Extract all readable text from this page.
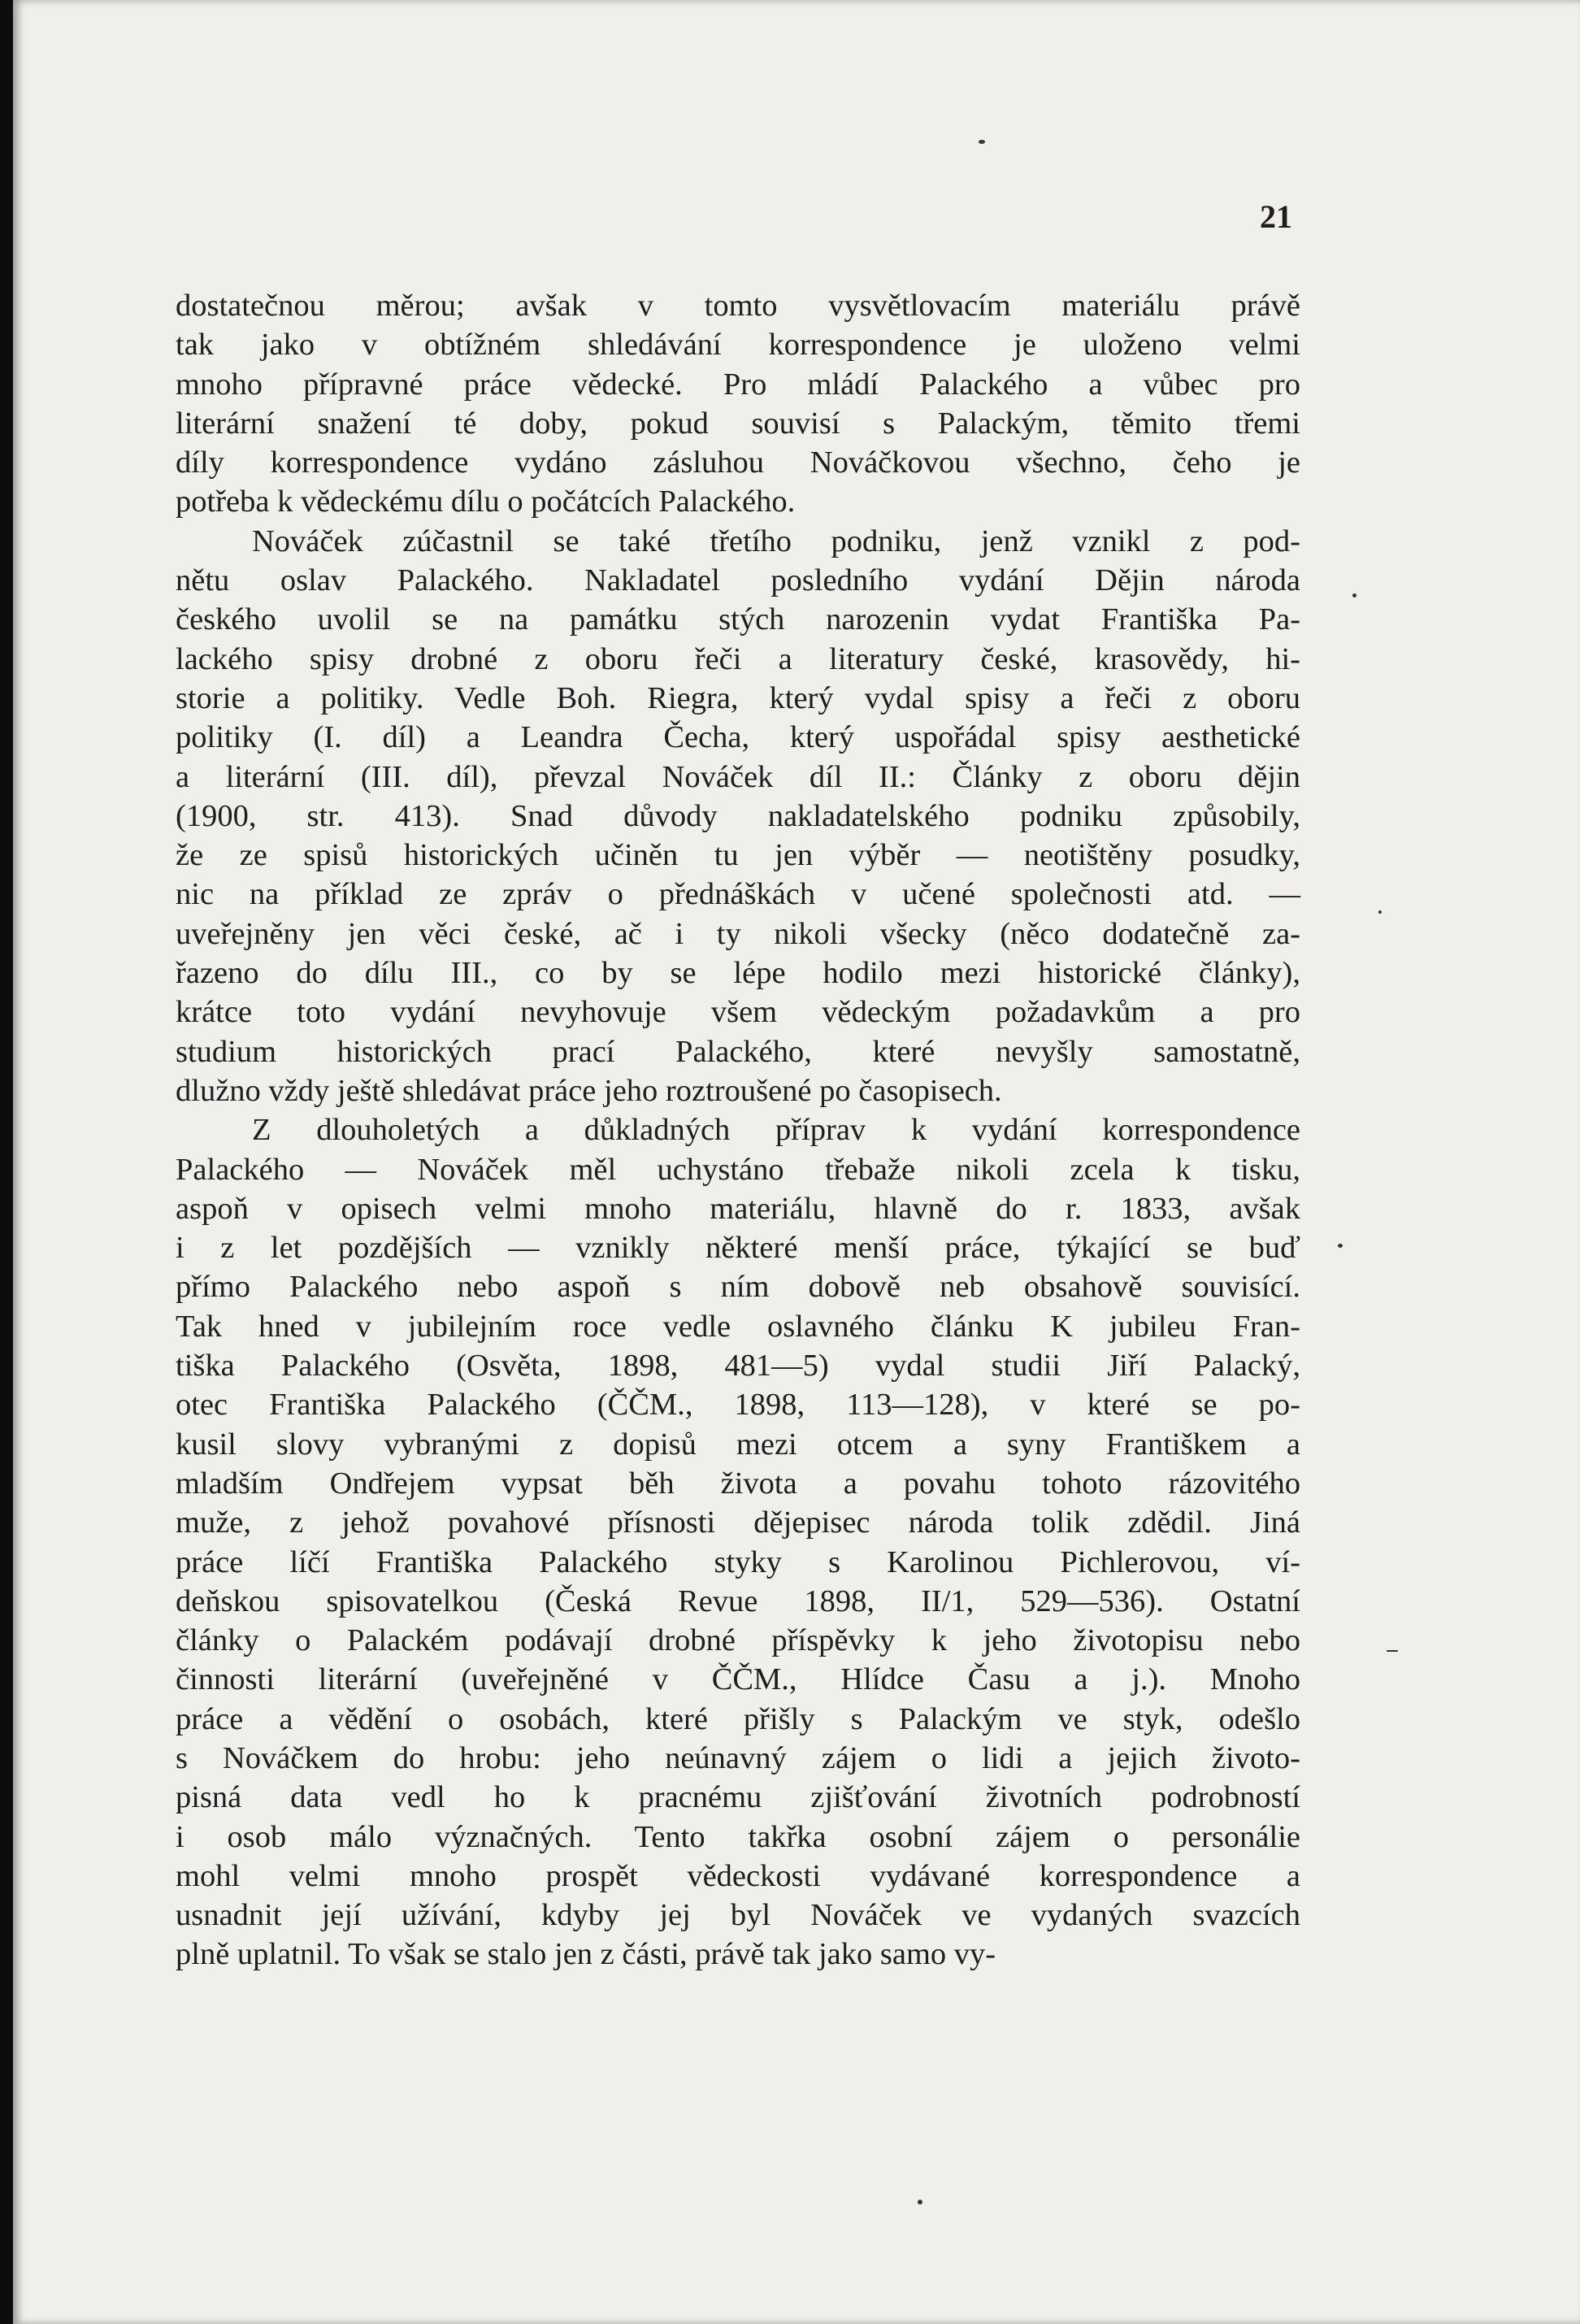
21

dostatečnou měrou; avšak v tomto vysvětlovacím materiálu právě
tak jako v obtížném shledávání korrespondence je uloženo velmi
mnoho přípravné práce vědecké. Pro mládí Palackého a vůbec pro
literární snažení té doby, pokud souvisí s Palackým, těmito třemi
díly korrespondence vydáno zásluhou Nováčkovou všechno, čeho je
potřeba k vědeckému dílu o počátcích Palackého.
Nováček zúčastnil se také třetího podniku, jenž vznikl z pod-
nětu oslav Palackého. Nakladatel posledního vydání Dějin národa
českého uvolil se na památku stých narozenin vydat Františka Pa-
lackého spisy drobné z oboru řeči a literatury české, krasovědy, hi-
storie a politiky. Vedle Boh. Riegra, který vydal spisy a řeči z oboru
politiky (I. díl) a Leandra Čecha, který uspořádal spisy aesthetické
a literární (III. díl), převzal Nováček díl II.: Články z oboru dějin
(1900, str. 413). Snad důvody nakladatelského podniku způsobily,
že ze spisů historických učiněn tu jen výběr — neotištěny posudky,
nic na příklad ze zpráv o přednáškách v učené společnosti atd. —
uveřejněny jen věci české, ač i ty nikoli všecky (něco dodatečně za-
řazeno do dílu III., co by se lépe hodilo mezi historické články),
krátce toto vydání nevyhovuje všem vědeckým požadavkům a pro
studium historických prací Palackého, které nevyšly samostatně,
dlužno vždy ještě shledávat práce jeho roztroušené po časopisech.
Z dlouholetých a důkladných příprav k vydání korrespondence
Palackého — Nováček měl uchystáno třebaže nikoli zcela k tisku,
aspoň v opisech velmi mnoho materiálu, hlavně do r. 1833, avšak
i z let pozdějších — vznikly některé menší práce, týkající se buď
přímo Palackého nebo aspoň s ním dobově neb obsahově souvisící.
Tak hned v jubilejním roce vedle oslavného článku K jubileu Fran-
tiška Palackého (Osvěta, 1898, 481—5) vydal studii Jiří Palacký,
otec Františka Palackého (ČČM., 1898, 113—128), v které se po-
kusil slovy vybranými z dopisů mezi otcem a syny Františkem a
mladším Ondřejem vypsat běh života a povahu tohoto rázovitého
muže, z jehož povahové přísnosti dějepisec národa tolik zdědil. Jiná
práce líčí Františka Palackého styky s Karolinou Pichlerovou, ví-
deňskou spisovatelkou (Česká Revue 1898, II/1, 529—536). Ostatní
články o Palackém podávají drobné příspěvky k jeho životopisu nebo
činnosti literární (uveřejněné v ČČM., Hlídce Času a j.). Mnoho
práce a vědění o osobách, které přišly s Palackým ve styk, odešlo
s Nováčkem do hrobu: jeho neúnavný zájem o lidi a jejich životo-
pisná data vedl ho k pracnému zjišťování životních podrobností
i osob málo význačných. Tento takřka osobní zájem o personálie
mohl velmi mnoho prospět vědeckosti vydávané korrespondence a
usnadnit její užívání, kdyby jej byl Nováček ve vydaných svazcích
plně uplatnil. To však se stalo jen z části, právě tak jako samo vy-
